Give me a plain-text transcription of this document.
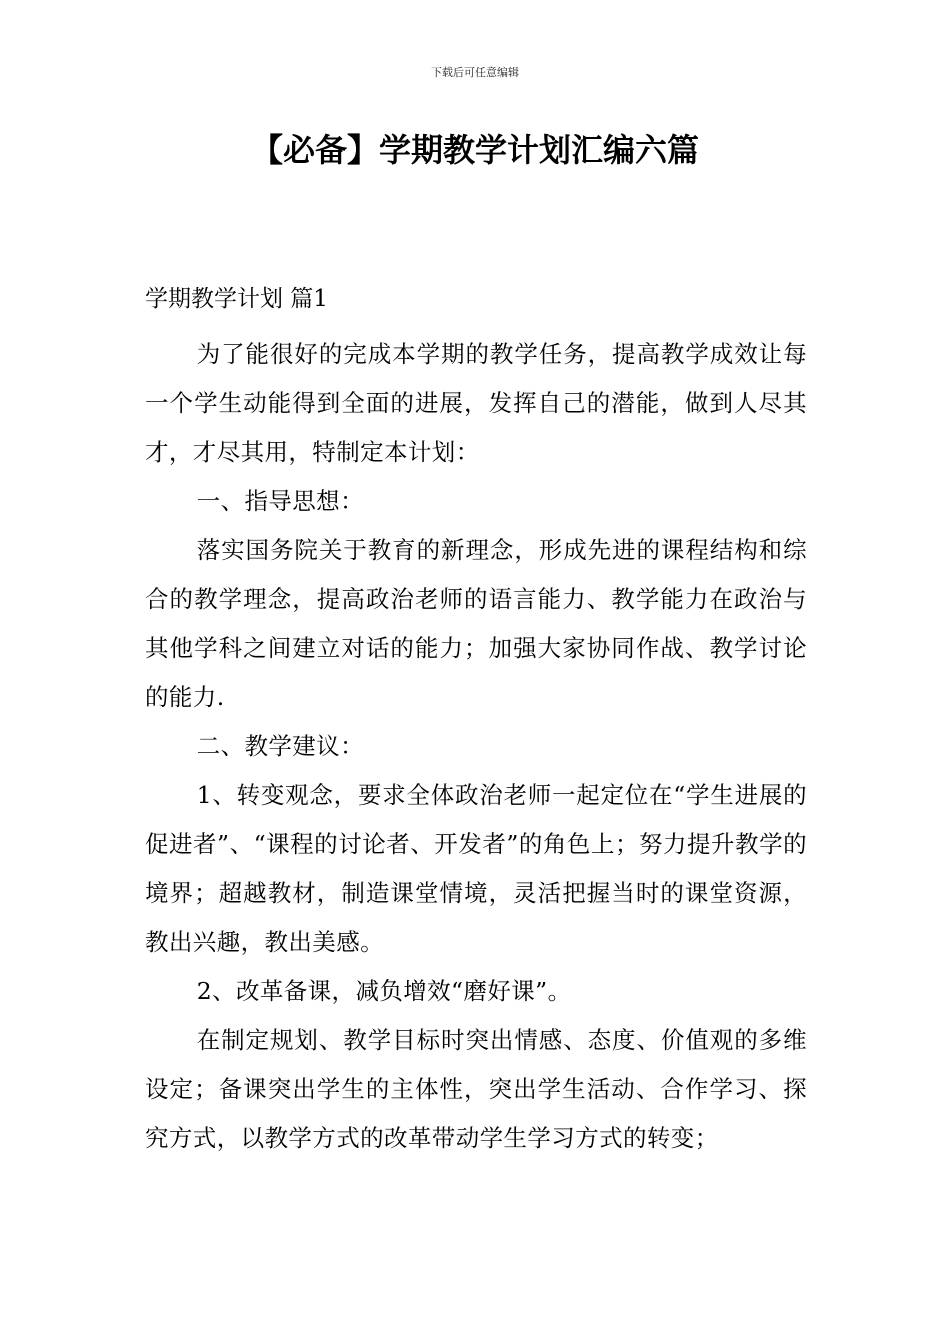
下载后可任意编辑
【必备】学期教学计划汇编六篇
学期教学计划 篇1

为了能很好的完成本学期的教学任务，提高教学成效让每一个学生动能得到全面的进展，发挥自己的潜能，做到人尽其才，才尽其用，特制定本计划：

一、指导思想：

落实国务院关于教育的新理念，形成先进的课程结构和综合的教学理念，提高政治老师的语言能力、教学能力在政治与其他学科之间建立对话的能力；加强大家协同作战、教学讨论的能力.

二、教学建议：

1、转变观念，要求全体政治老师一起定位在“学生进展的促进者”、“课程的讨论者、开发者”的角色上；努力提升教学的境界；超越教材，制造课堂情境，灵活把握当时的课堂资源，教出兴趣，教出美感。

2、改革备课，减负增效“磨好课”。

在制定规划、教学目标时突出情感、态度、价值观的多维设定；备课突出学生的主体性，突出学生活动、合作学习、探究方式，以教学方式的改革带动学生学习方式的转变；
